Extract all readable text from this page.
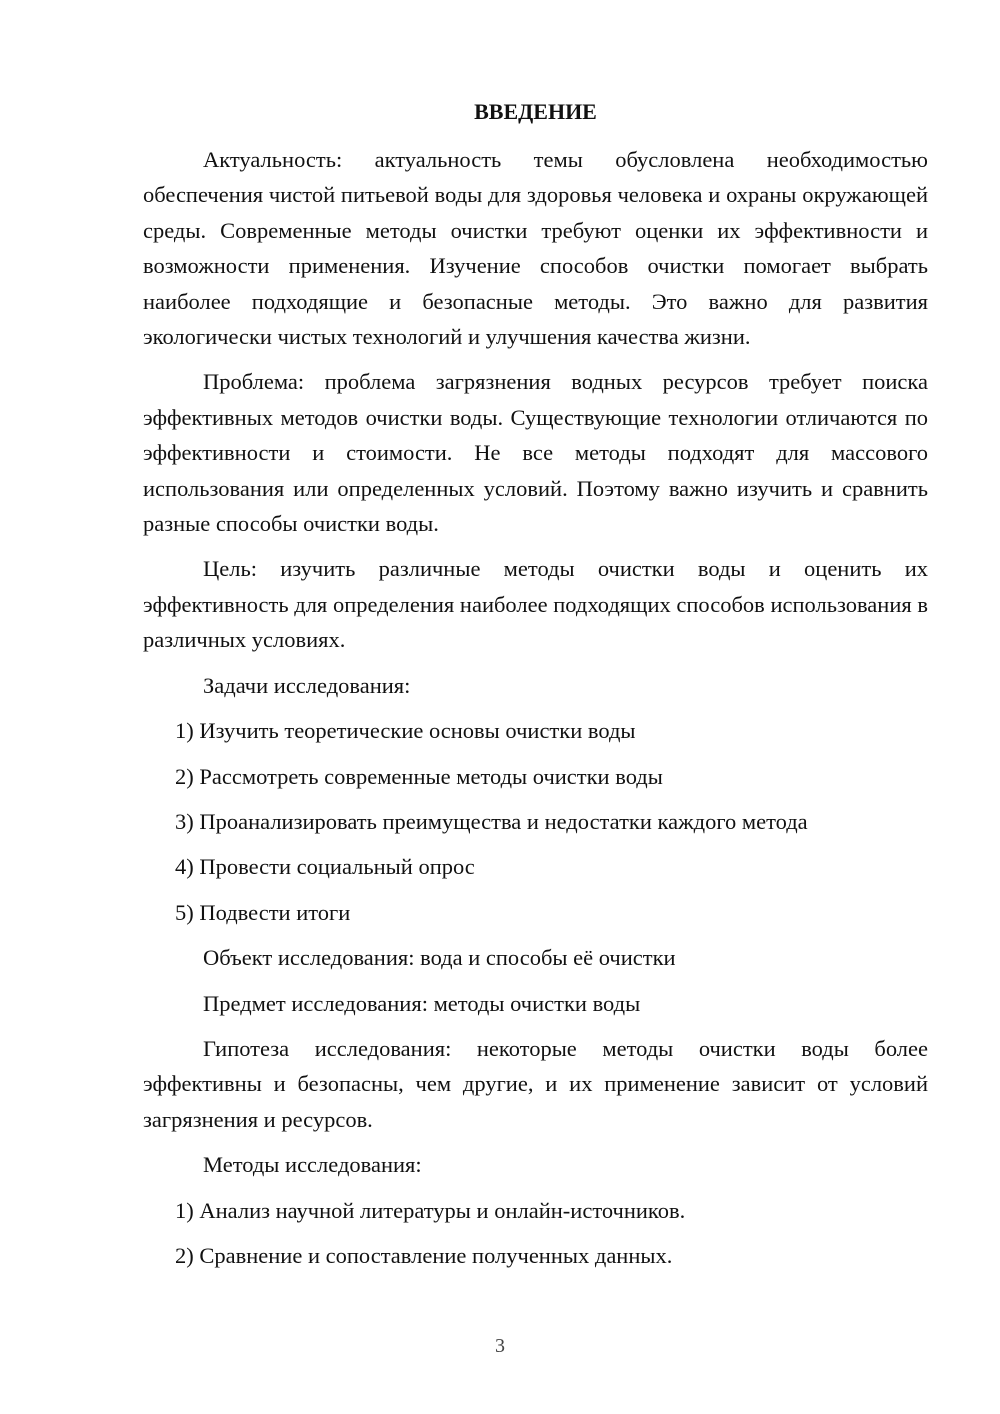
ВВЕДЕНИЕ

Актуальность: актуальность темы обусловлена необходимостью обеспечения чистой питьевой воды для здоровья человека и охраны окружающей среды. Современные методы очистки требуют оценки их эффективности и возможности применения. Изучение способов очистки помогает выбрать наиболее подходящие и безопасные методы. Это важно для развития экологически чистых технологий и улучшения качества жизни.

Проблема: проблема загрязнения водных ресурсов требует поиска эффективных методов очистки воды. Существующие технологии отличаются по эффективности и стоимости. Не все методы подходят для массового использования или определенных условий. Поэтому важно изучить и сравнить разные способы очистки воды.

Цель: изучить различные методы очистки воды и оценить их эффективность для определения наиболее подходящих способов использования в различных условиях.

Задачи исследования:

1) Изучить теоретические основы очистки воды

2) Рассмотреть современные методы очистки воды

3) Проанализировать преимущества и недостатки каждого метода

4) Провести социальный опрос

5) Подвести итоги

Объект исследования: вода и способы её очистки

Предмет исследования: методы очистки воды

Гипотеза исследования: некоторые методы очистки воды более эффективны и безопасны, чем другие, и их применение зависит от условий загрязнения и ресурсов.

Методы исследования:

1) Анализ научной литературы и онлайн-источников.

2) Сравнение и сопоставление полученных данных.

3
